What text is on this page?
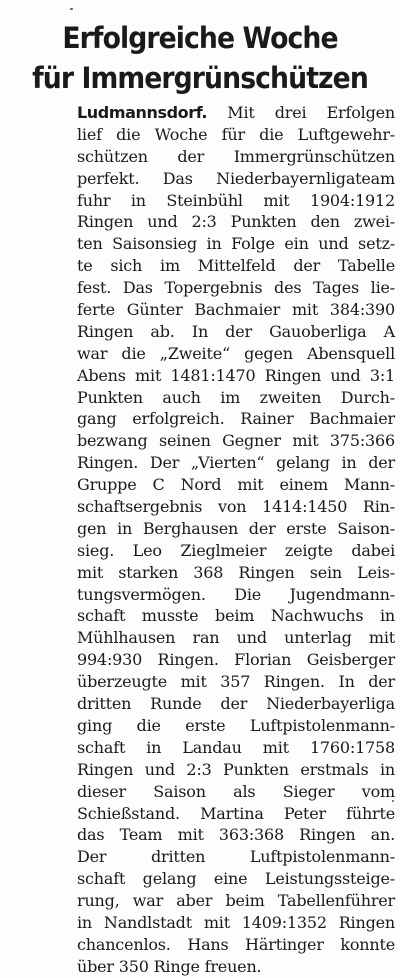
Erfolgreiche Woche
für Immergrünschützen
Ludmannsdorf. Mit drei Erfolgen
lief die Woche für die Luftgewehr-
schützen der Immergrünschützen
perfekt. Das Niederbayernligateam
fuhr in Steinbühl mit 1904:1912
Ringen und 2:3 Punkten den zwei-
ten Saisonsieg in Folge ein und setz-
te sich im Mittelfeld der Tabelle
fest. Das Topergebnis des Tages lie-
ferte Günter Bachmaier mit 384:390
Ringen ab. In der Gauoberliga A
war die „Zweite“ gegen Abensquell
Abens mit 1481:1470 Ringen und 3:1
Punkten auch im zweiten Durch-
gang erfolgreich. Rainer Bachmaier
bezwang seinen Gegner mit 375:366
Ringen. Der „Vierten“ gelang in der
Gruppe C Nord mit einem Mann-
schaftsergebnis von 1414:1450 Rin-
gen in Berghausen der erste Saison-
sieg. Leo Zieglmeier zeigte dabei
mit starken 368 Ringen sein Leis-
tungsvermögen. Die Jugendmann-
schaft musste beim Nachwuchs in
Mühlhausen ran und unterlag mit
994:930 Ringen. Florian Geisberger
überzeugte mit 357 Ringen. In der
dritten Runde der Niederbayerliga
ging die erste Luftpistolenmann-
schaft in Landau mit 1760:1758
Ringen und 2:3 Punkten erstmals in
dieser Saison als Sieger vom
Schießstand. Martina Peter führte
das Team mit 363:368 Ringen an.
Der dritten Luftpistolenmann-
schaft gelang eine Leistungssteige-
rung, war aber beim Tabellenführer
in Nandlstadt mit 1409:1352 Ringen
chancenlos. Hans Härtinger konnte
über 350 Ringe freuen.
